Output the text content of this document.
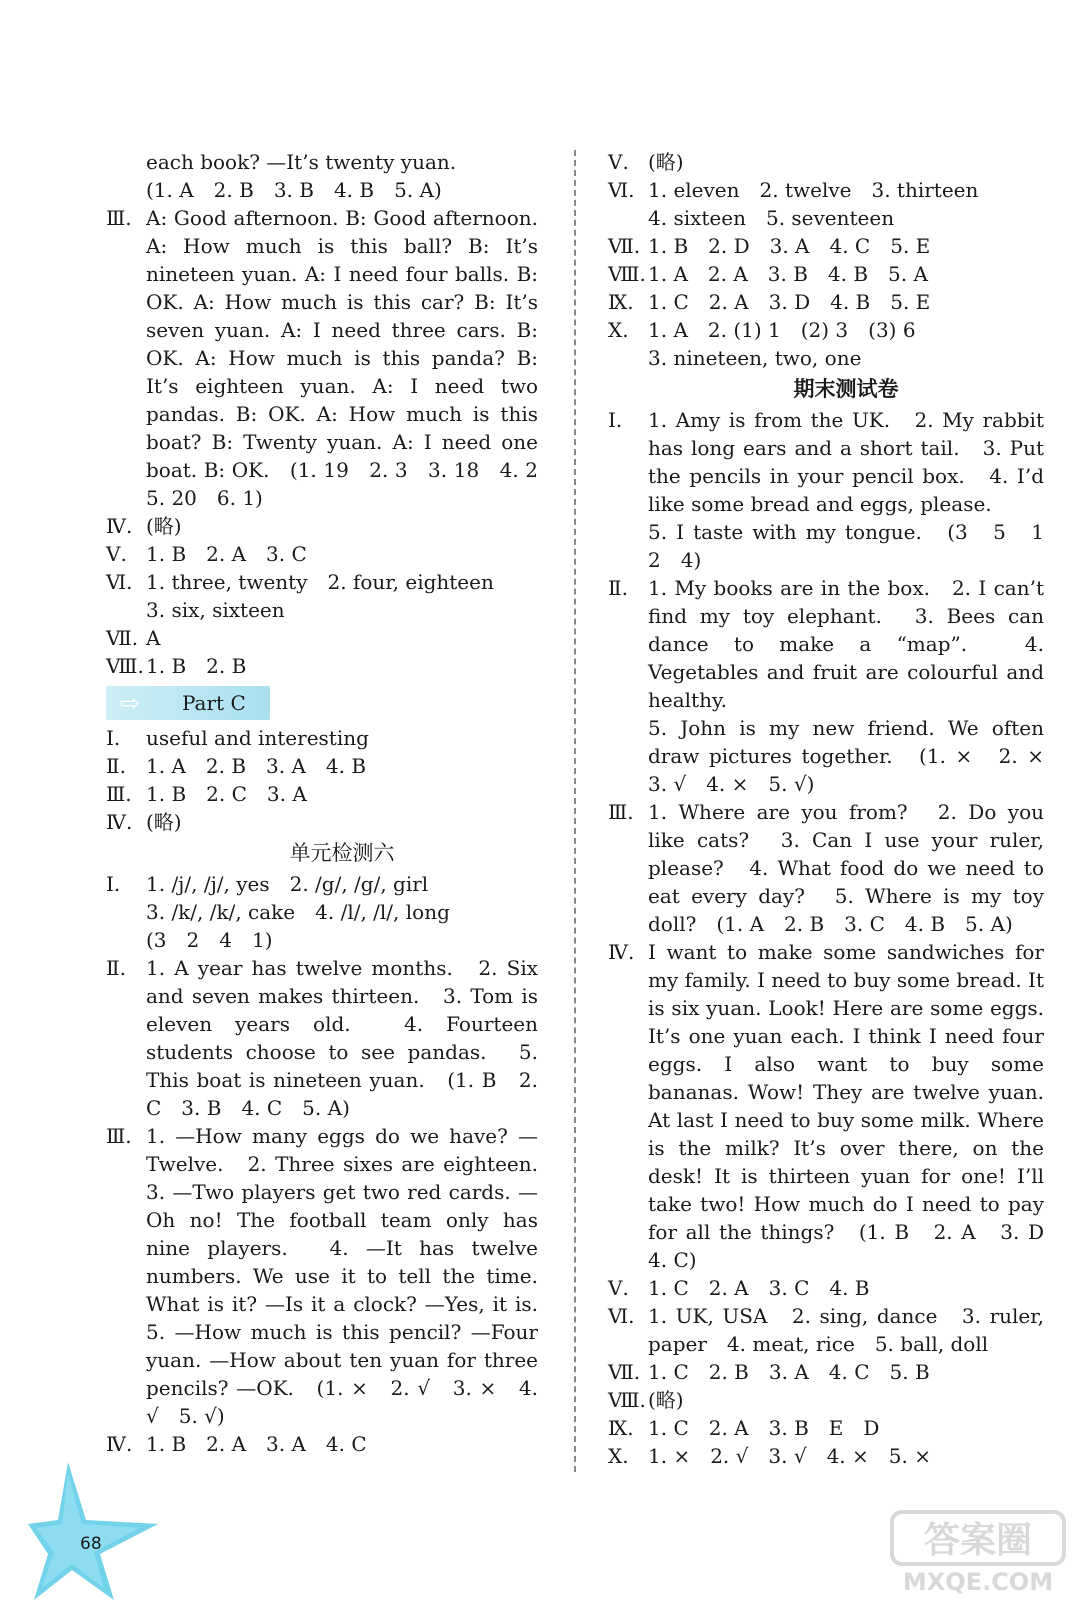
each book? —It’s twenty yuan.
(1. A　2. B　3. B　4. B　5. A)
Ⅲ. A: Good afternoon. B: Good afternoon. A: How much is this ball? B: It’s nineteen yuan. A: I need four balls. B: OK. A: How much is this car? B: It’s seven yuan. A: I need three cars. B: OK. A: How much is this panda? B: It’s eighteen yuan. A: I need two pandas. B: OK. A: How much is this boat? B: Twenty yuan. A: I need one boat. B: OK.　(1. 19　2. 3　3. 18　4. 2　5. 20　6. 1)
Ⅳ. (略)
Ⅴ. 1. B　2. A　3. C
Ⅵ. 1. three, twenty　2. four, eighteen
3. six, sixteen
Ⅶ. A
Ⅷ. 1. B　2. B
⇨	Part C
Ⅰ.	useful and interesting
Ⅱ.	1. A　2. B　3. A　4. B
Ⅲ. 1. B　2. C　3. A
Ⅳ. (略)
单元检测六
Ⅰ.	1. /j/, /j/, yes　2. /g/, /g/, girl
3. /k/, /k/, cake　4. /l/, /l/, long
(3　2　4　1)
Ⅱ.	1. A year has twelve months.　2. Six and seven makes thirteen.　3. Tom is eleven years old.　4. Fourteen students choose to see pandas.　5. This boat is nineteen yuan.　(1. B　2. C　3. B　4. C　5. A)
Ⅲ. 1. —How many eggs do we have? —Twelve.　2. Three sixes are eighteen.　3. —Two players get two red cards. —Oh no! The football team only has nine players.　4. —It has twelve numbers. We use it to tell the time. What is it? —Is it a clock? —Yes, it is.　5. —How much is this pencil? —Four yuan. —How about ten yuan for three pencils? —OK.　(1. ×　2. √　3. ×　4. √　5. √)
Ⅳ. 1. B　2. A　3. A　4. C
Ⅴ. (略)
Ⅵ. 1. eleven　2. twelve　3. thirteen
4. sixteen　5. seventeen
Ⅶ. 1. B　2. D　3. A　4. C　5. E
Ⅷ. 1. A　2. A　3. B　4. B　5. A
Ⅸ. 1. C　2. A　3. D　4. B　5. E
Ⅹ. 1. A　2. (1) 1　(2) 3　(3) 6
3. nineteen, two, one
期末测试卷
Ⅰ.	1. Amy is from the UK.　2. My rabbit has long ears and a short tail.　3. Put the pencils in your pencil box.　4. I’d like some bread and eggs, please.
5. I taste with my tongue.　(3　5　1　2　4)
Ⅱ.	1. My books are in the box.　2. I can’t find my toy elephant.　3. Bees can dance to make a “map”.　4. Vegetables and fruit are colourful and healthy.
5. John is my new friend. We often draw pictures together.　(1. ×　2. ×　3. √　4. ×　5. √)
Ⅲ. 1. Where are you from?　2. Do you like cats?　3. Can I use your ruler, please?　4. What food do we need to eat every day?　5. Where is my toy doll?　(1. A　2. B　3. C　4. B　5. A)
Ⅳ. I want to make some sandwiches for my family. I need to buy some bread. It is six yuan. Look! Here are some eggs. It’s one yuan each. I think I need four eggs. I also want to buy some bananas. Wow! They are twelve yuan. At last I need to buy some milk. Where is the milk? It’s over there, on the desk! It is thirteen yuan for one! I’ll take two! How much do I need to pay for all the things?　(1. B　2. A　3. D　4. C)
Ⅴ. 1. C　2. A　3. C　4. B
Ⅵ. 1. UK, USA　2. sing, dance　3. ruler, paper　4. meat, rice　5. ball, doll
Ⅶ. 1. C　2. B　3. A　4. C　5. B
Ⅷ. (略)
Ⅸ. 1. C　2. A　3. B　E　D
Ⅹ. 1. ×　2. √　3. √　4. ×　5. ×
68	答案圈
MXQE.COM
